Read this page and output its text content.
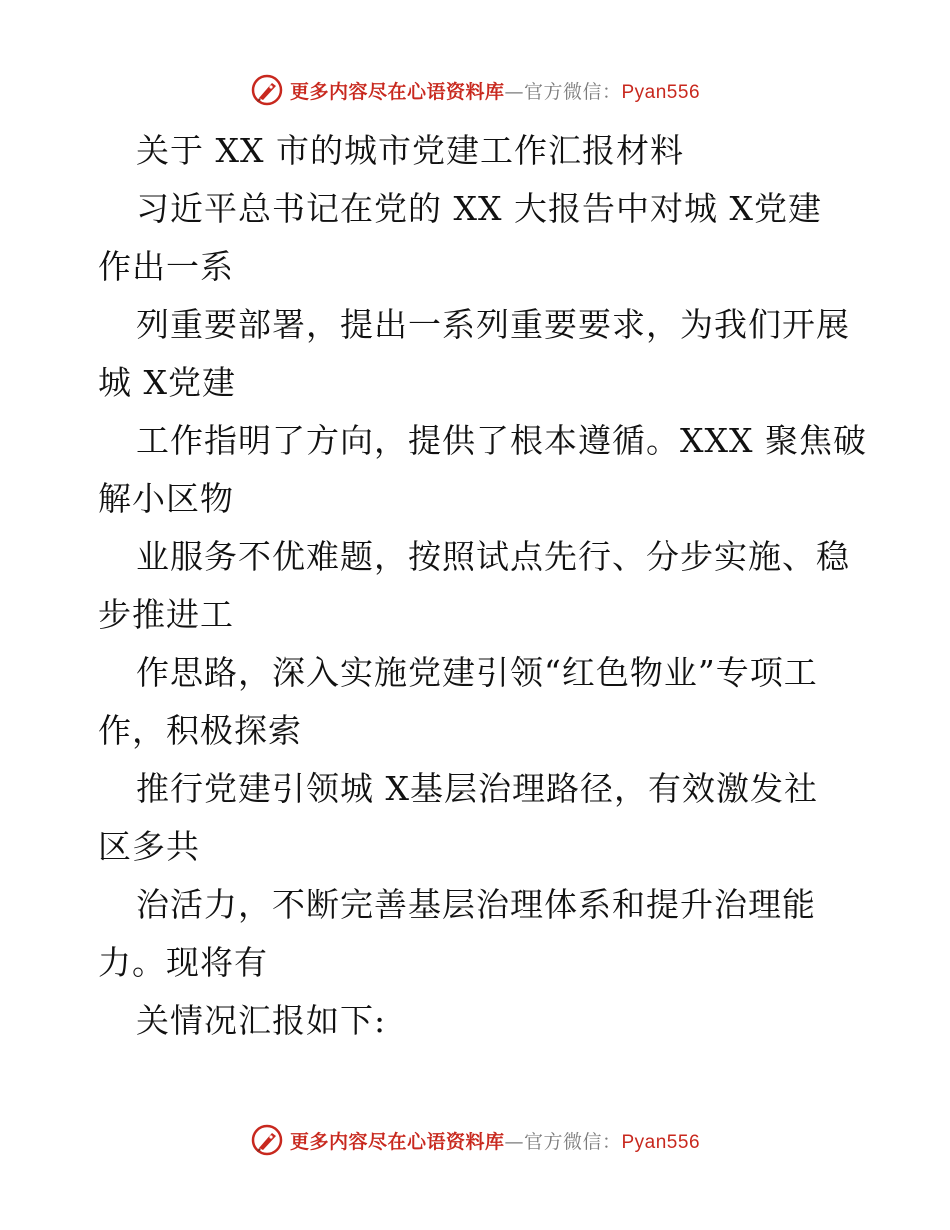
更多内容尽在心语资料库—官方微信：Pyan556
关于 XX 市的城市党建工作汇报材料
习近平总书记在党的 XX 大报告中对城 X党建
作出一系
列重要部署，提出一系列重要要求，为我们开展
城 X党建
工作指明了方向，提供了根本遵循。XXX 聚焦破
解小区物
业服务不优难题，按照试点先行、分步实施、稳
步推进工
作思路，深入实施党建引领“红色物业”专项工
作，积极探索
推行党建引领城 X基层治理路径，有效激发社
区多共
治活力，不断完善基层治理体系和提升治理能
力。现将有
关情况汇报如下:
更多内容尽在心语资料库—官方微信：Pyan556
